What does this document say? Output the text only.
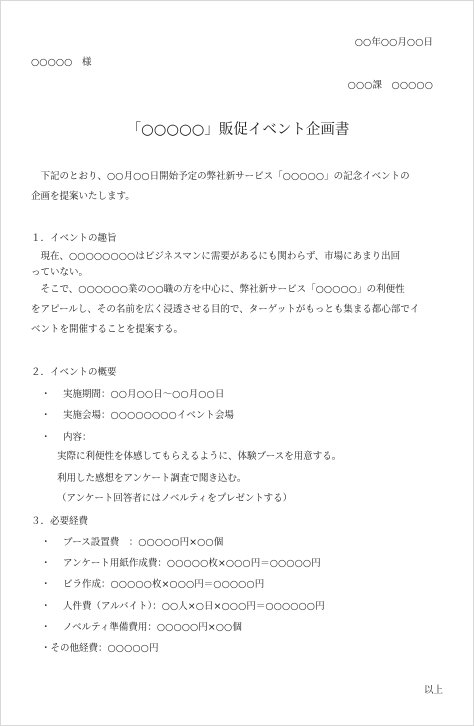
○○年○○月○○日
○○○○○　様
○○○課　○○○○○
「○○○○○」販促イベント企画書
下記のとおり、○○月○○日開始予定の弊社新サービス「○○○○○」の記念イベントの
企画を提案いたします。
１．イベントの趣旨
現在、○○○○○○○○はビジネスマンに需要があるにも関わらず、市場にあまり出回
っていない。
そこで、○○○○○○業の○○職の方を中心に、弊社新サービス「○○○○○」の利便性
をアピールし、その名前を広く浸透させる目的で、ターゲットがもっとも集まる都心部でイ
ベントを開催することを提案する。
２．イベントの概要
・ 実施期間：○○月○○日～○○月○○日
・ 実施会場：○○○○○○○○イベント会場
・ 内容：
実際に利便性を体感してもらえるように、体験ブースを用意する。
利用した感想をアンケート調査で聞き込む。
（アンケート回答者にはノベルティをプレゼントする）
３．必要経費
・ ブース設置費　：○○○○○円×○○個
・ アンケート用紙作成費：○○○○○枚×○○○円＝○○○○○円
・ ビラ作成：○○○○○枚×○○○円＝○○○○○円
・ 人件費（アルバイト）：○○人×○日×○○○円＝○○○○○○円
・ ノベルティ準備費用：○○○○○円×○○個
・その他経費：○○○○○円
以上
